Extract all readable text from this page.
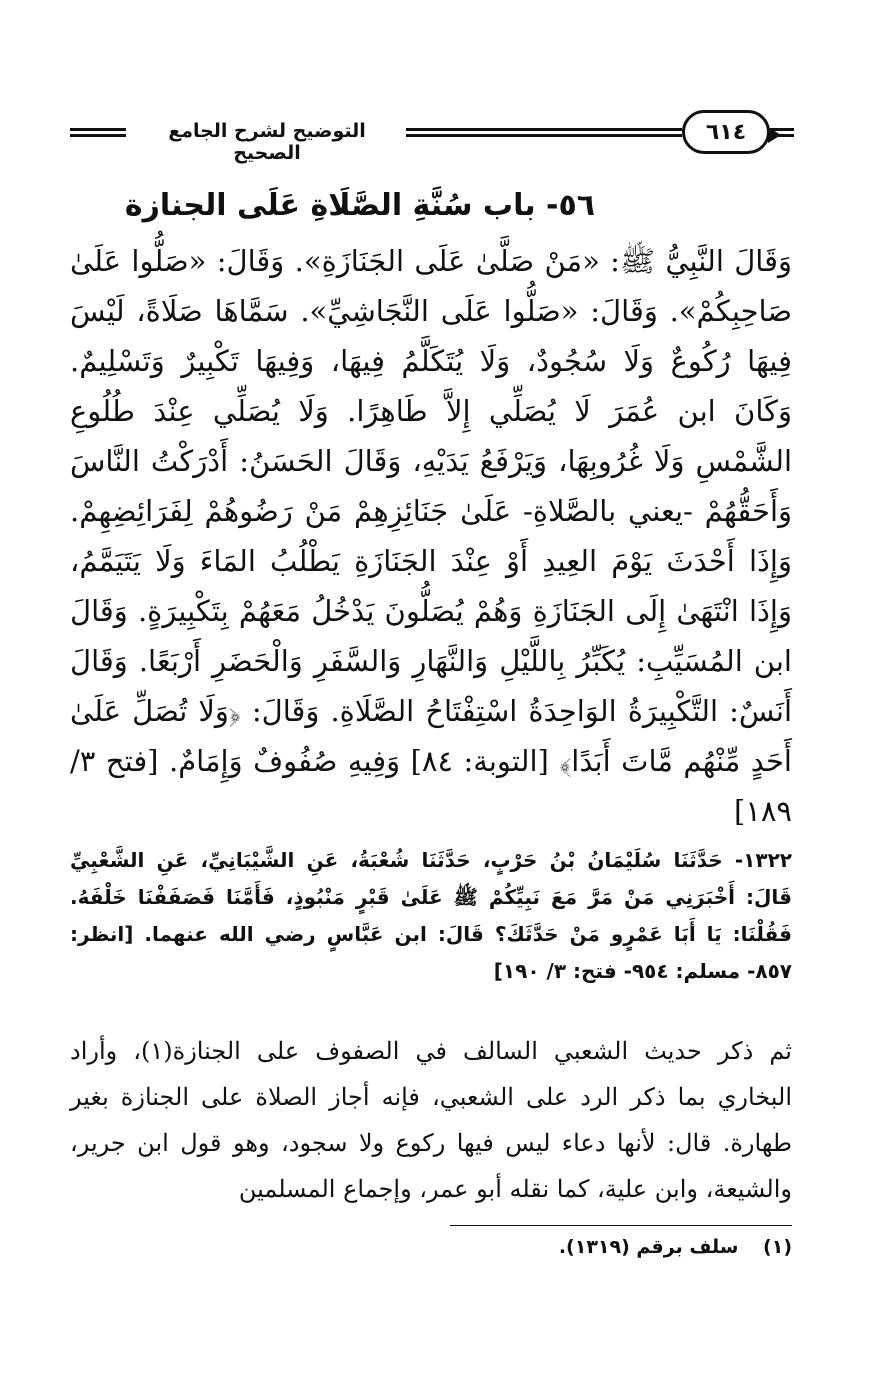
التوضيح لشرح الجامع الصحيح
٦١٤
٥٦- باب سُنَّةِ الصَّلَاةِ عَلَى الجنازة

وَقَالَ النَّبِيُّ ﷺ: «مَنْ صَلَّىٰ عَلَى الجَنَازَةِ». وَقَالَ: «صَلُّوا عَلَىٰ صَاحِبِكُمْ». وَقَالَ: «صَلُّوا عَلَى النَّجَاشِيِّ». سَمَّاهَا صَلَاةً، لَيْسَ فِيهَا رُكُوعٌ وَلَا سُجُودٌ، وَلَا يُتَكَلَّمُ فِيهَا، وَفِيهَا تَكْبِيرٌ وَتَسْلِيمٌ. وَكَانَ ابن عُمَرَ لَا يُصَلِّي إِلاَّ طَاهِرًا. وَلَا يُصَلِّي عِنْدَ طُلُوعِ الشَّمْسِ وَلَا غُرُوبِهَا، وَيَرْفَعُ يَدَيْهِ، وَقَالَ الحَسَنُ: أَدْرَكْتُ النَّاسَ وَأَحَقُّهُمْ -يعني بالصَّلاةِ- عَلَىٰ جَنَائِزِهِمْ مَنْ رَضُوهُمْ لِفَرَائِضِهِمْ. وَإِذَا أَحْدَثَ يَوْمَ العِيدِ أَوْ عِنْدَ الجَنَازَةِ يَطْلُبُ المَاءَ وَلَا يَتَيَمَّمُ، وَإِذَا انْتَهَىٰ إِلَى الجَنَازَةِ وَهُمْ يُصَلُّونَ يَدْخُلُ مَعَهُمْ بِتَكْبِيرَةٍ. وَقَالَ ابن المُسَيِّبِ: يُكَبِّرُ بِاللَّيْلِ وَالنَّهَارِ وَالسَّفَرِ وَالْحَضَرِ أَرْبَعًا. وَقَالَ أَنَسٌ: التَّكْبِيرَةُ الوَاحِدَةُ اسْتِفْتَاحُ الصَّلَاةِ. وَقَالَ: ﴿وَلَا تُصَلِّ عَلَىٰ أَحَدٍ مِّنْهُم مَّاتَ أَبَدًا﴾ [التوبة: ٨٤] وَفِيهِ صُفُوفٌ وَإِمَامٌ. [فتح ٣/ ١٨٩]

١٣٢٢- حَدَّثَنَا سُلَيْمَانُ بْنُ حَرْبٍ، حَدَّثَنَا شُعْبَةُ، عَنِ الشَّيْبَانِيِّ، عَنِ الشَّعْبِيِّ قَالَ: أَخْبَرَنِي مَنْ مَرَّ مَعَ نَبِيِّكُمْ ﷺ عَلَىٰ قَبْرٍ مَنْبُوذٍ، فَأَمَّنَا فَصَفَفْنَا خَلْفَهُ. فَقُلْنَا: يَا أَبَا عَمْرٍو مَنْ حَدَّثَكَ؟ قَالَ: ابن عَبَّاسٍ رضي الله عنهما. [انظر: ٨٥٧- مسلم: ٩٥٤- فتح: ٣/ ١٩٠]

ثم ذكر حديث الشعبي السالف في الصفوف على الجنازة(١)، وأراد البخاري بما ذكر الرد على الشعبي، فإنه أجاز الصلاة على الجنازة بغير طهارة. قال: لأنها دعاء ليس فيها ركوع ولا سجود، وهو قول ابن جرير، والشيعة، وابن علية، كما نقله أبو عمر، وإجماع المسلمين

(١) سلف برقم (١٣١٩).
